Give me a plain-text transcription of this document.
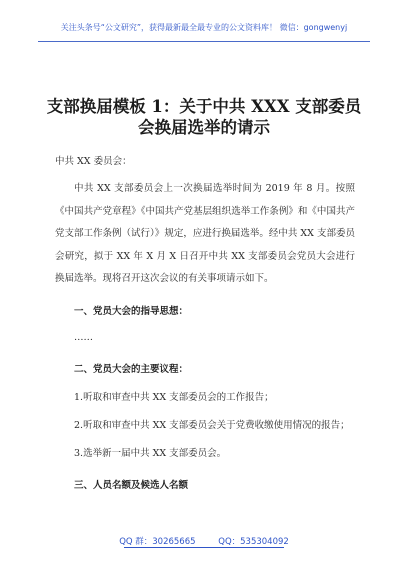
关注头条号“公文研究”，获得最新最全最专业的公文资料库！ 微信：gongwenyj
支部换届模板 1：关于中共 XXX 支部委员
会换届选举的请示

中共 XX 委员会：

中共 XX 支部委员会上一次换届选举时间为 2019 年 8 月。按照《中国共产党章程》《中国共产党基层组织选举工作条例》和《中国共产党支部工作条例（试行）》规定，应进行换届选举。经中共 XX 支部委员会研究，拟于 XX 年 X 月 X 日召开中共 XX 支部委员会党员大会进行换届选举。现将召开这次会议的有关事项请示如下。

一、党员大会的指导思想：

……

二、党员大会的主要议程：

1.听取和审查中共 XX 支部委员会的工作报告；

2.听取和审查中共 XX 支部委员会关于党费收缴使用情况的报告；

3.选举新一届中共 XX 支部委员会。

三、人员名额及候选人名额

QQ 群：30265665	QQ：535304092
